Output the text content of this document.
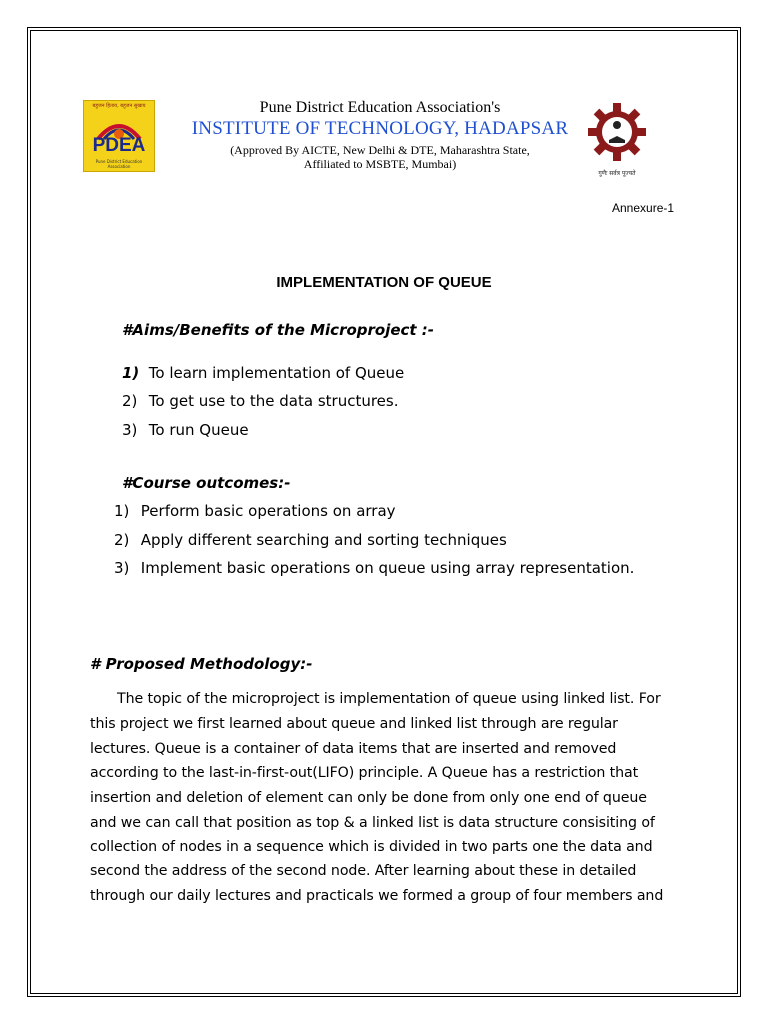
बहुजन हिताय, बहुजन सुखाय
PDEA
Pune District Education Association
Pune District Education Association's
INSTITUTE OF TECHNOLOGY, HADAPSAR
(Approved By AICTE, New Delhi & DTE, Maharashtra State,
Affiliated to MSBTE, Mumbai)
गुणैः सर्वत्र पूज्यते
Annexure-1
IMPLEMENTATION OF QUEUE
#Aims/Benefits of the Microproject :-
1) To learn implementation of Queue
2) To get use to the data structures.
3) To run Queue
#Course outcomes:-
1) Perform basic operations on array
2) Apply different searching and sorting techniques
3) Implement basic operations on queue using array representation.
# Proposed Methodology:-
The topic of the microproject is implementation of queue using linked list. For
this project we first learned about queue and linked list through are regular
lectures. Queue is a container of data items that are inserted and removed
according to the last-in-first-out(LIFO) principle. A Queue has a restriction that
insertion and deletion of element can only be done from only one end of queue
and we can call that position as top & a linked list is data structure consisiting of
collection of nodes in a sequence which is divided in two parts one the data and
second the address of the second node. After learning about these in detailed
through our daily lectures and practicals we formed a group of four members and
